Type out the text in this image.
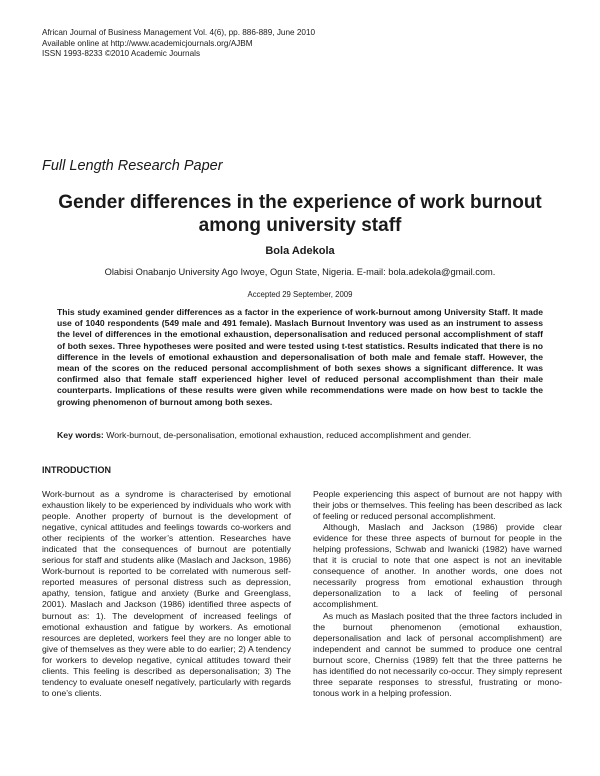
African Journal of Business Management Vol. 4(6), pp. 886-889, June 2010
Available online at http://www.academicjournals.org/AJBM
ISSN 1993-8233 ©2010 Academic Journals
Full Length Research Paper
Gender differences in the experience of work burnout among university staff
Bola Adekola
Olabisi Onabanjo University Ago Iwoye, Ogun State, Nigeria. E-mail: bola.adekola@gmail.com.
Accepted 29 September, 2009
This study examined gender differences as a factor in the experience of work-burnout among University Staff. It made use of 1040 respondents (549 male and 491 female). Maslach Burnout Inventory was used as an instrument to assess the level of differences in the emotional exhaustion, depersonalisation and reduced personal accomplishment of staff of both sexes. Three hypotheses were posited and were tested using t-test statistics. Results indicated that there is no difference in the levels of emotional exhaustion and depersonalisation of both male and female staff. However, the mean of the scores on the reduced personal accomplishment of both sexes shows a significant difference. It was confirmed also that female staff experienced higher level of reduced personal accomplishment than their male counterparts. Implications of these results were given while recommendations were made on how best to tackle the growing phenomenon of burnout among both sexes.
Key words: Work-burnout, de-personalisation, emotional exhaustion, reduced accomplishment and gender.
INTRODUCTION

Work-burnout as a syndrome is characterised by emotional exhaustion likely to be experienced by individuals who work with people. Another property of burnout is the development of negative, cynical attitudes and feelings towards co-workers and other recipients of the worker’s attention. Researches have indicated that the consequences of burnout are potentially serious for staff and students alike (Maslach and Jackson, 1986) Work-burnout is reported to be correlated with numerous self-reported measures of personal distress such as depression, apathy, tension, fatigue and anxiety (Burke and Greenglass, 2001). Maslach and Jackson (1986) identified three aspects of burnout as: 1). The development of increased feelings of emotional exhaustion and fatigue by workers. As emotional resources are depleted, workers feel they are no longer able to give of themselves as they were able to do earlier; 2) A tendency for workers to develop negative, cynical attitudes toward their clients. This feeling is described as depersonalisation; 3) The tendency to evaluate oneself negatively, particularly with regards to one’s clients.

People experiencing this aspect of burnout are not happy with their jobs or themselves. This feeling has been described as lack of feeling or reduced personal accomplishment.

Although, Maslach and Jackson (1986) provide clear evidence for these three aspects of burnout for people in the helping professions, Schwab and Iwanicki (1982) have warned that it is crucial to note that one aspect is not an inevitable consequence of another. In another words, one does not necessarily progress from emotional exhaustion through depersonalization to a lack of feeling of personal accomplishment.

As much as Maslach posited that the three factors included in the burnout phenomenon (emotional exhaustion, depersonalisation and lack of personal accomplishment) are independent and cannot be summed to produce one central burnout score, Cherniss (1989) felt that the three patterns he has identified do not necessarily co-occur. They simply represent three separate responses to stressful, frustrating or mono-tonous work in a helping profession.
